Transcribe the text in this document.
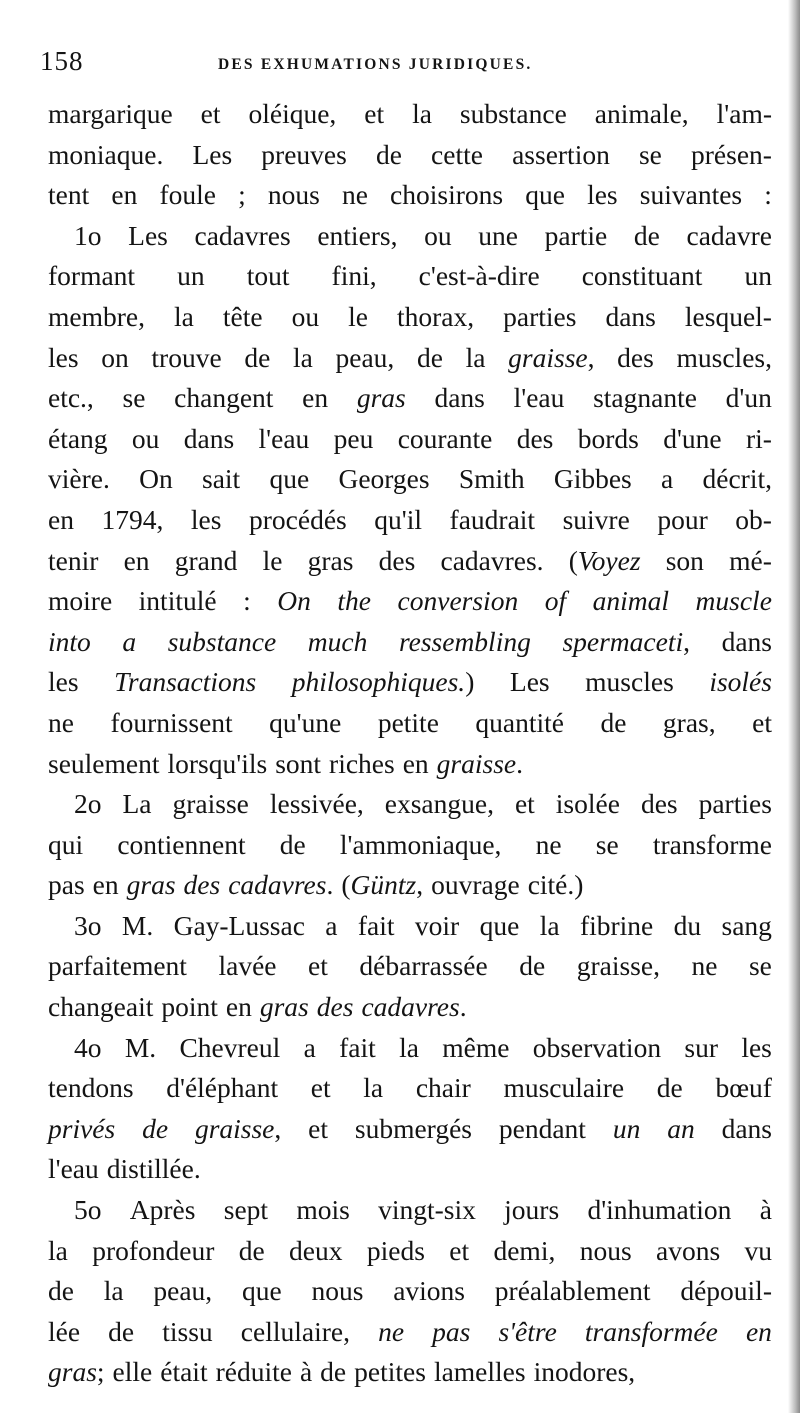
158	DES EXHUMATIONS JURIDIQUES.
margarique et oléique, et la substance animale, l'am-
moniaque. Les preuves de cette assertion se présen-
tent en foule ; nous ne choisirons que les suivantes :
1o Les cadavres entiers, ou une partie de cadavre
formant un tout fini, c'est-à-dire constituant un
membre, la tête ou le thorax, parties dans lesquel-
les on trouve de la peau, de la graisse, des muscles,
etc., se changent en gras dans l'eau stagnante d'un
étang ou dans l'eau peu courante des bords d'une ri-
vière. On sait que Georges Smith Gibbes a décrit,
en 1794, les procédés qu'il faudrait suivre pour ob-
tenir en grand le gras des cadavres. (Voyez son mé-
moire intitulé : On the conversion of animal muscle
into a substance much ressembling spermaceti, dans
les Transactions philosophiques.) Les muscles isolés
ne fournissent qu'une petite quantité de gras, et
seulement lorsqu'ils sont riches en graisse.
2o La graisse lessivée, exsangue, et isolée des parties
qui contiennent de l'ammoniaque, ne se transforme
pas en gras des cadavres. (Güntz, ouvrage cité.)
3o M. Gay-Lussac a fait voir que la fibrine du sang
parfaitement lavée et débarrassée de graisse, ne se
changeait point en gras des cadavres.
4o M. Chevreul a fait la même observation sur les
tendons d'éléphant et la chair musculaire de bœuf
privés de graisse, et submergés pendant un an dans
l'eau distillée.
5o Après sept mois vingt-six jours d'inhumation à
la profondeur de deux pieds et demi, nous avons vu
de la peau, que nous avions préalablement dépouil-
lée de tissu cellulaire, ne pas s'être transformée en
gras; elle était réduite à de petites lamelles inodores,
